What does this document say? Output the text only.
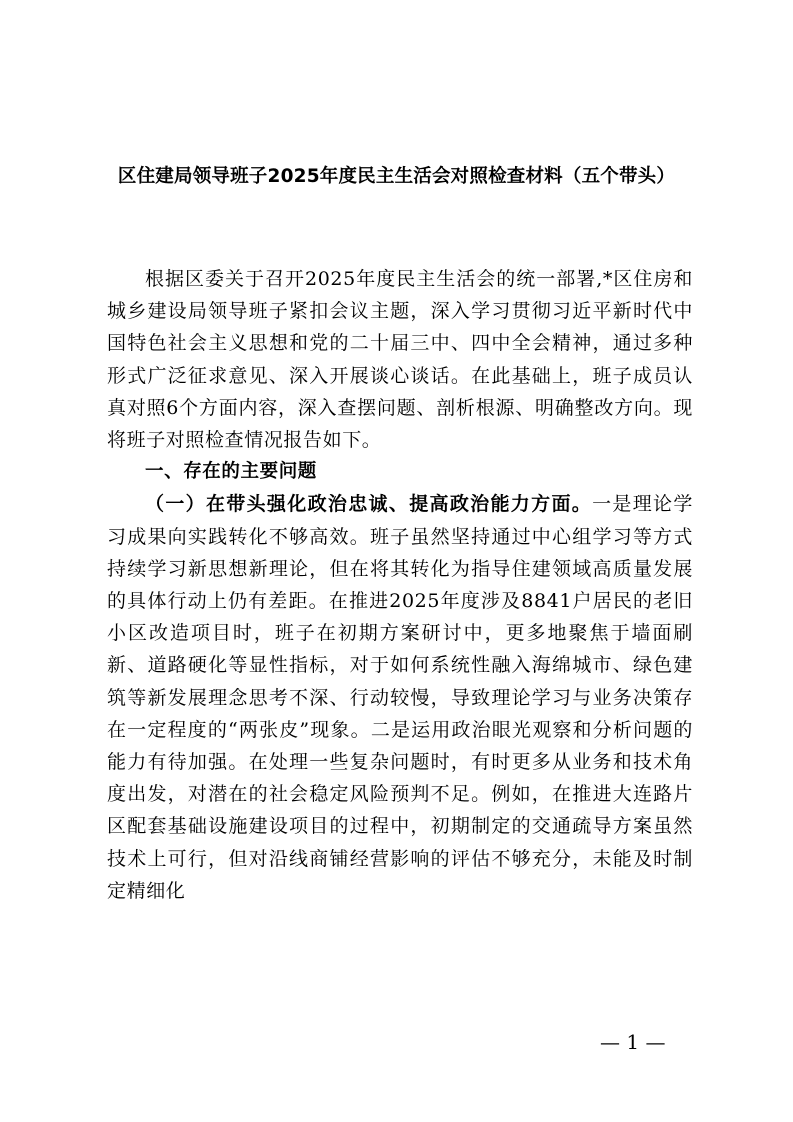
区住建局领导班子2025年度民主生活会对照检查材料（五个带头）

根据区委关于召开2025年度民主生活会的统一部署,*区住房和城乡建设局领导班子紧扣会议主题，深入学习贯彻习近平新时代中国特色社会主义思想和党的二十届三中、四中全会精神，通过多种形式广泛征求意见、深入开展谈心谈话。在此基础上，班子成员认真对照6个方面内容，深入查摆问题、剖析根源、明确整改方向。现将班子对照检查情况报告如下。

一、存在的主要问题

（一）在带头强化政治忠诚、提高政治能力方面。一是理论学习成果向实践转化不够高效。班子虽然坚持通过中心组学习等方式持续学习新思想新理论，但在将其转化为指导住建领域高质量发展的具体行动上仍有差距。在推进2025年度涉及8841户居民的老旧小区改造项目时，班子在初期方案研讨中，更多地聚焦于墙面刷新、道路硬化等显性指标，对于如何系统性融入海绵城市、绿色建筑等新发展理念思考不深、行动较慢，导致理论学习与业务决策存在一定程度的“两张皮”现象。二是运用政治眼光观察和分析问题的能力有待加强。在处理一些复杂问题时，有时更多从业务和技术角度出发，对潜在的社会稳定风险预判不足。例如，在推进大连路片区配套基础设施建设项目的过程中，初期制定的交通疏导方案虽然技术上可行，但对沿线商铺经营影响的评估不够充分，未能及时制定精细化

— 1 —
